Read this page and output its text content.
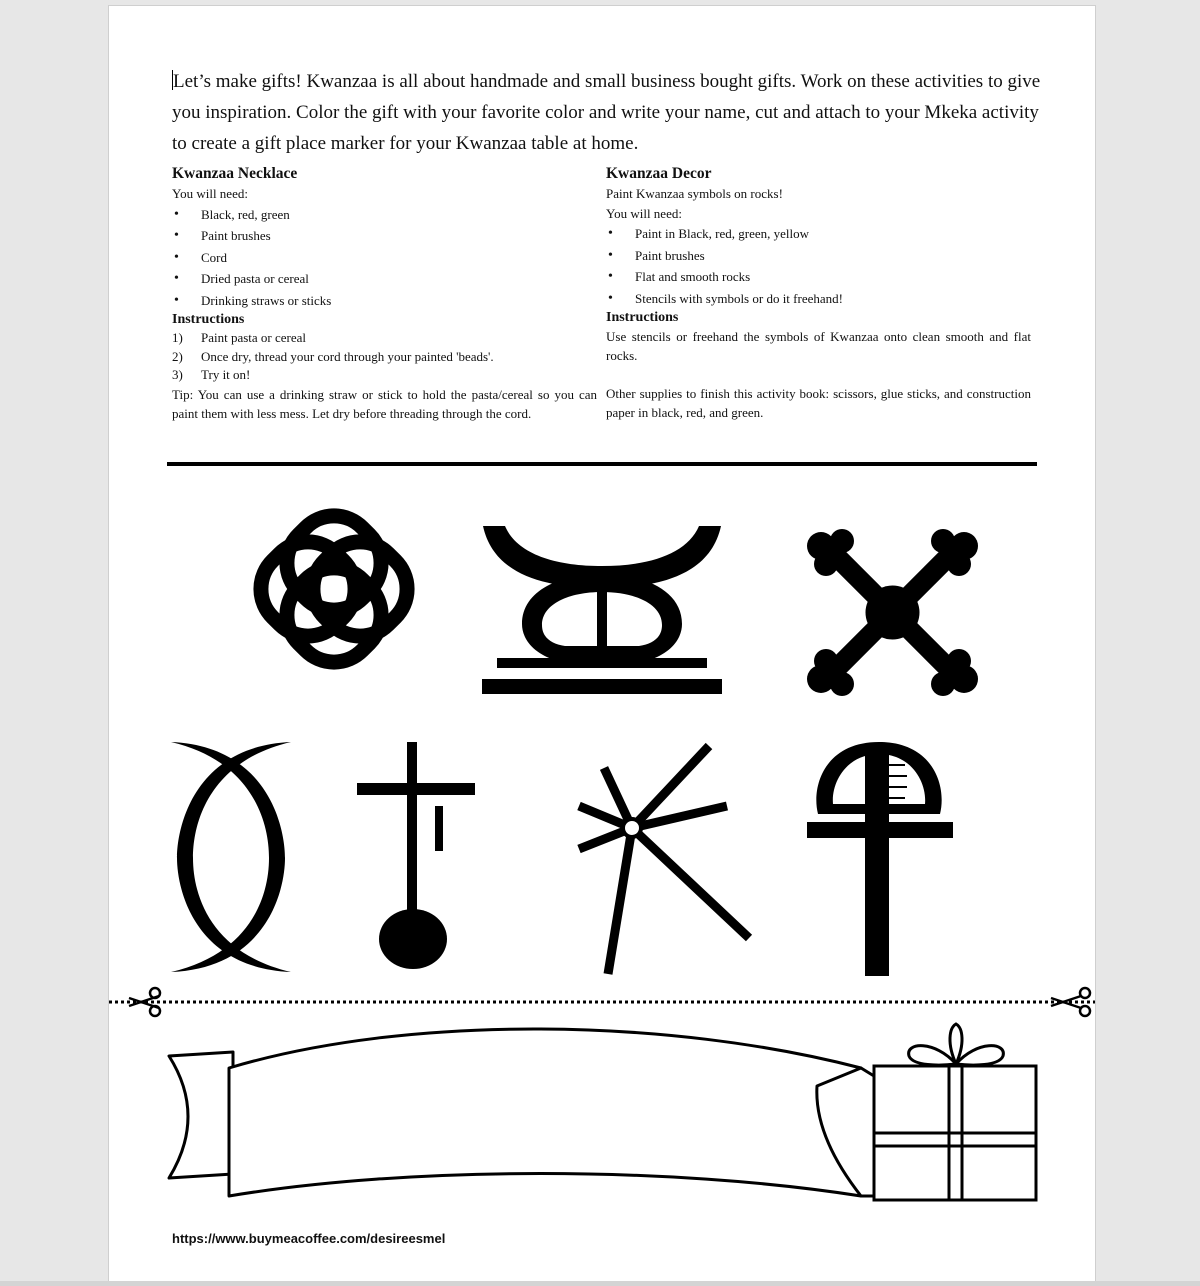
Let’s make gifts! Kwanzaa is all about handmade and small business bought gifts. Work on these activities to give you inspiration. Color the gift with your favorite color and write your name, cut and attach to your Mkeka activity to create a gift place marker for your Kwanzaa table at home.

Kwanzaa Necklace

You will need:

• Black, red, green
• Paint brushes
• Cord
• Dried pasta or cereal
• Drinking straws or sticks
Instructions
1) Paint pasta or cereal
2) Once dry, thread your cord through your painted 'beads'.
3) Try it on!

Tip: You can use a drinking straw or stick to hold the pasta/cereal so you can paint them with less mess. Let dry before threading through the cord.

Kwanzaa Decor

Paint Kwanzaa symbols on rocks!

You will need:

• Paint in Black, red, green, yellow
• Paint brushes
• Flat and smooth rocks
• Stencils with symbols or do it freehand!
Instructions

Use stencils or freehand the symbols of Kwanzaa onto clean smooth and flat rocks.

Other supplies to finish this activity book: scissors, glue sticks, and construction paper in black, red, and green.

https://www.buymeacoffee.com/desireesmel
